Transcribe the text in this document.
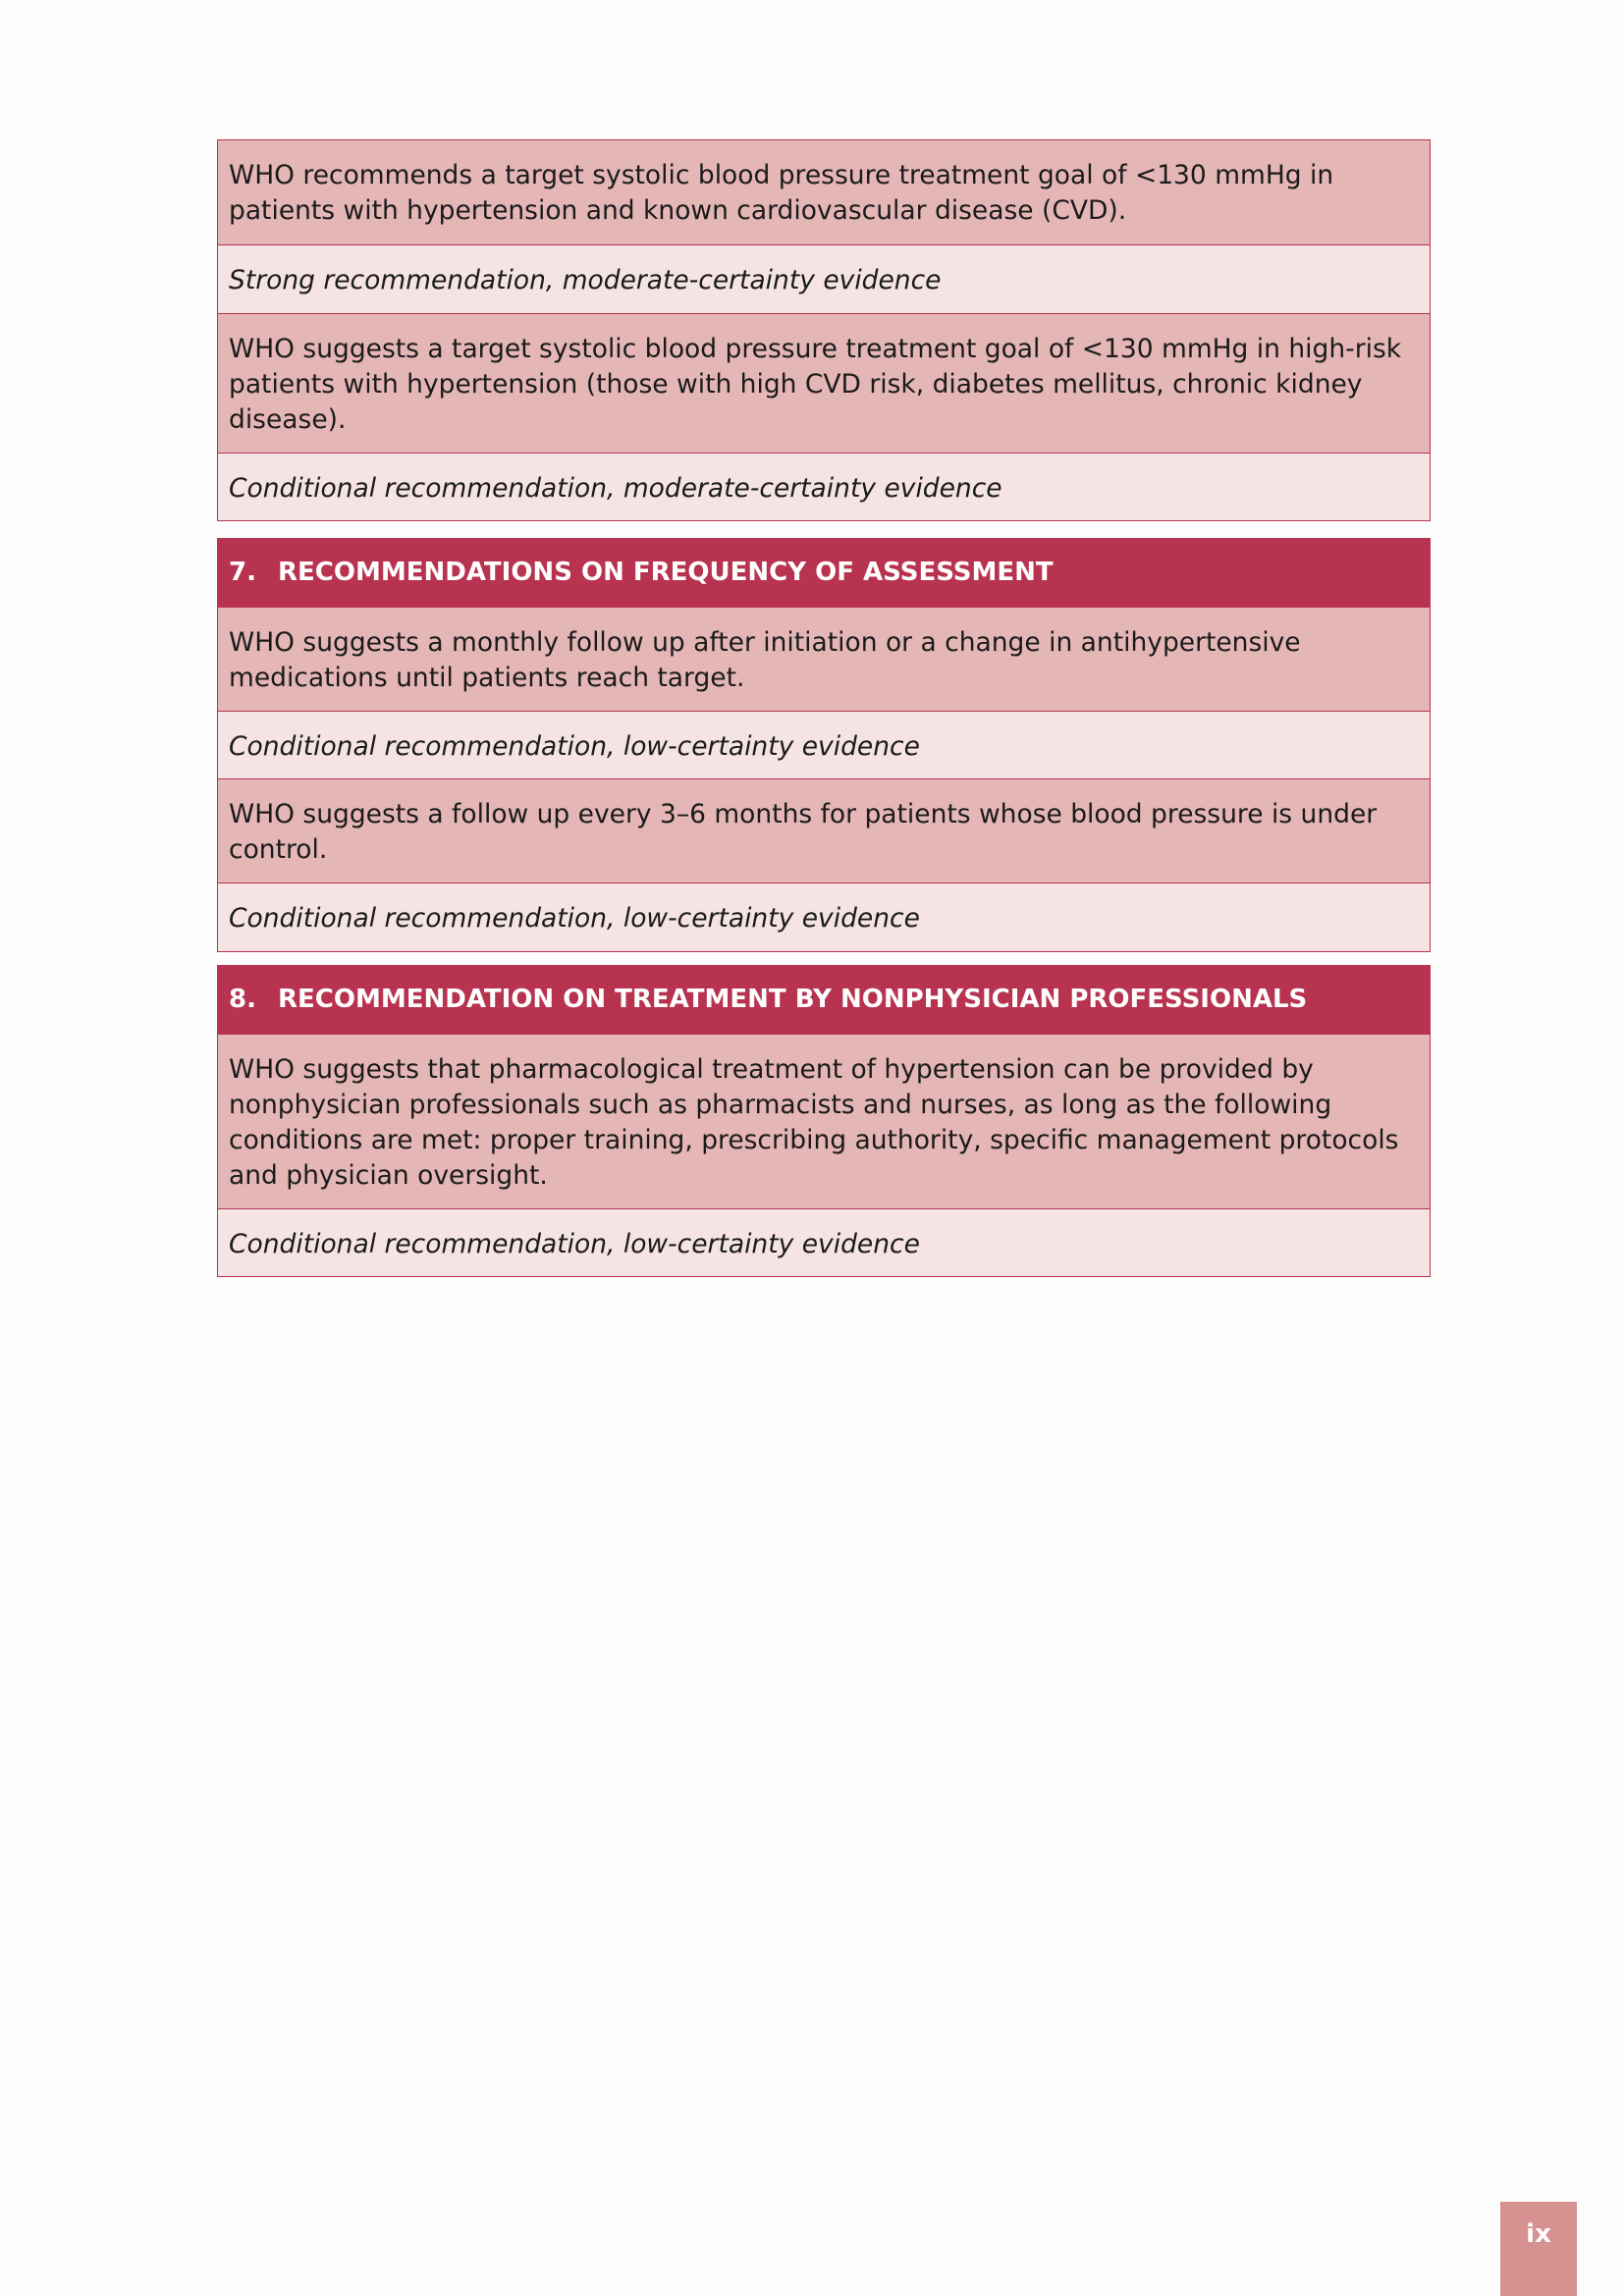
WHO recommends a target systolic blood pressure treatment goal of <130 mmHg in patients with hypertension and known cardiovascular disease (CVD).
Strong recommendation, moderate-certainty evidence
WHO suggests a target systolic blood pressure treatment goal of <130 mmHg in high-risk patients with hypertension (those with high CVD risk, diabetes mellitus, chronic kidney disease).
Conditional recommendation, moderate-certainty evidence
7. RECOMMENDATIONS ON FREQUENCY OF ASSESSMENT
WHO suggests a monthly follow up after initiation or a change in antihypertensive medications until patients reach target.
Conditional recommendation, low-certainty evidence
WHO suggests a follow up every 3–6 months for patients whose blood pressure is under control.
Conditional recommendation, low-certainty evidence
8. RECOMMENDATION ON TREATMENT BY NONPHYSICIAN PROFESSIONALS
WHO suggests that pharmacological treatment of hypertension can be provided by nonphysician professionals such as pharmacists and nurses, as long as the following conditions are met: proper training, prescribing authority, specific management protocols and physician oversight.
Conditional recommendation, low-certainty evidence
ix
